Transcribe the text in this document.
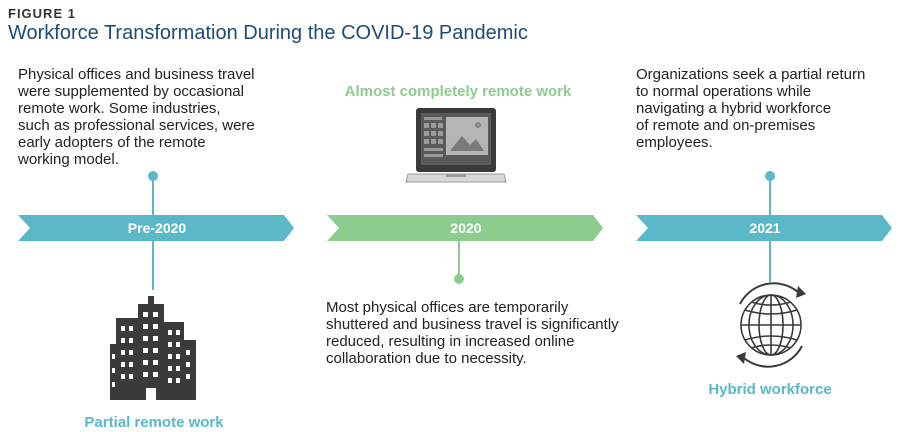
FIGURE 1
Workforce Transformation During the COVID-19 Pandemic
Physical offices and business travel
were supplemented by occasional
remote work. Some industries,
such as professional services, were
early adopters of the remote
working model.
Pre-2020	2020	2021
Partial remote work
Almost completely remote work
Most physical offices are temporarily
shuttered and business travel is significantly
reduced, resulting in increased online
collaboration due to necessity.
Organizations seek a partial return
to normal operations while
navigating a hybrid workforce
of remote and on-premises
employees.
Hybrid workforce
